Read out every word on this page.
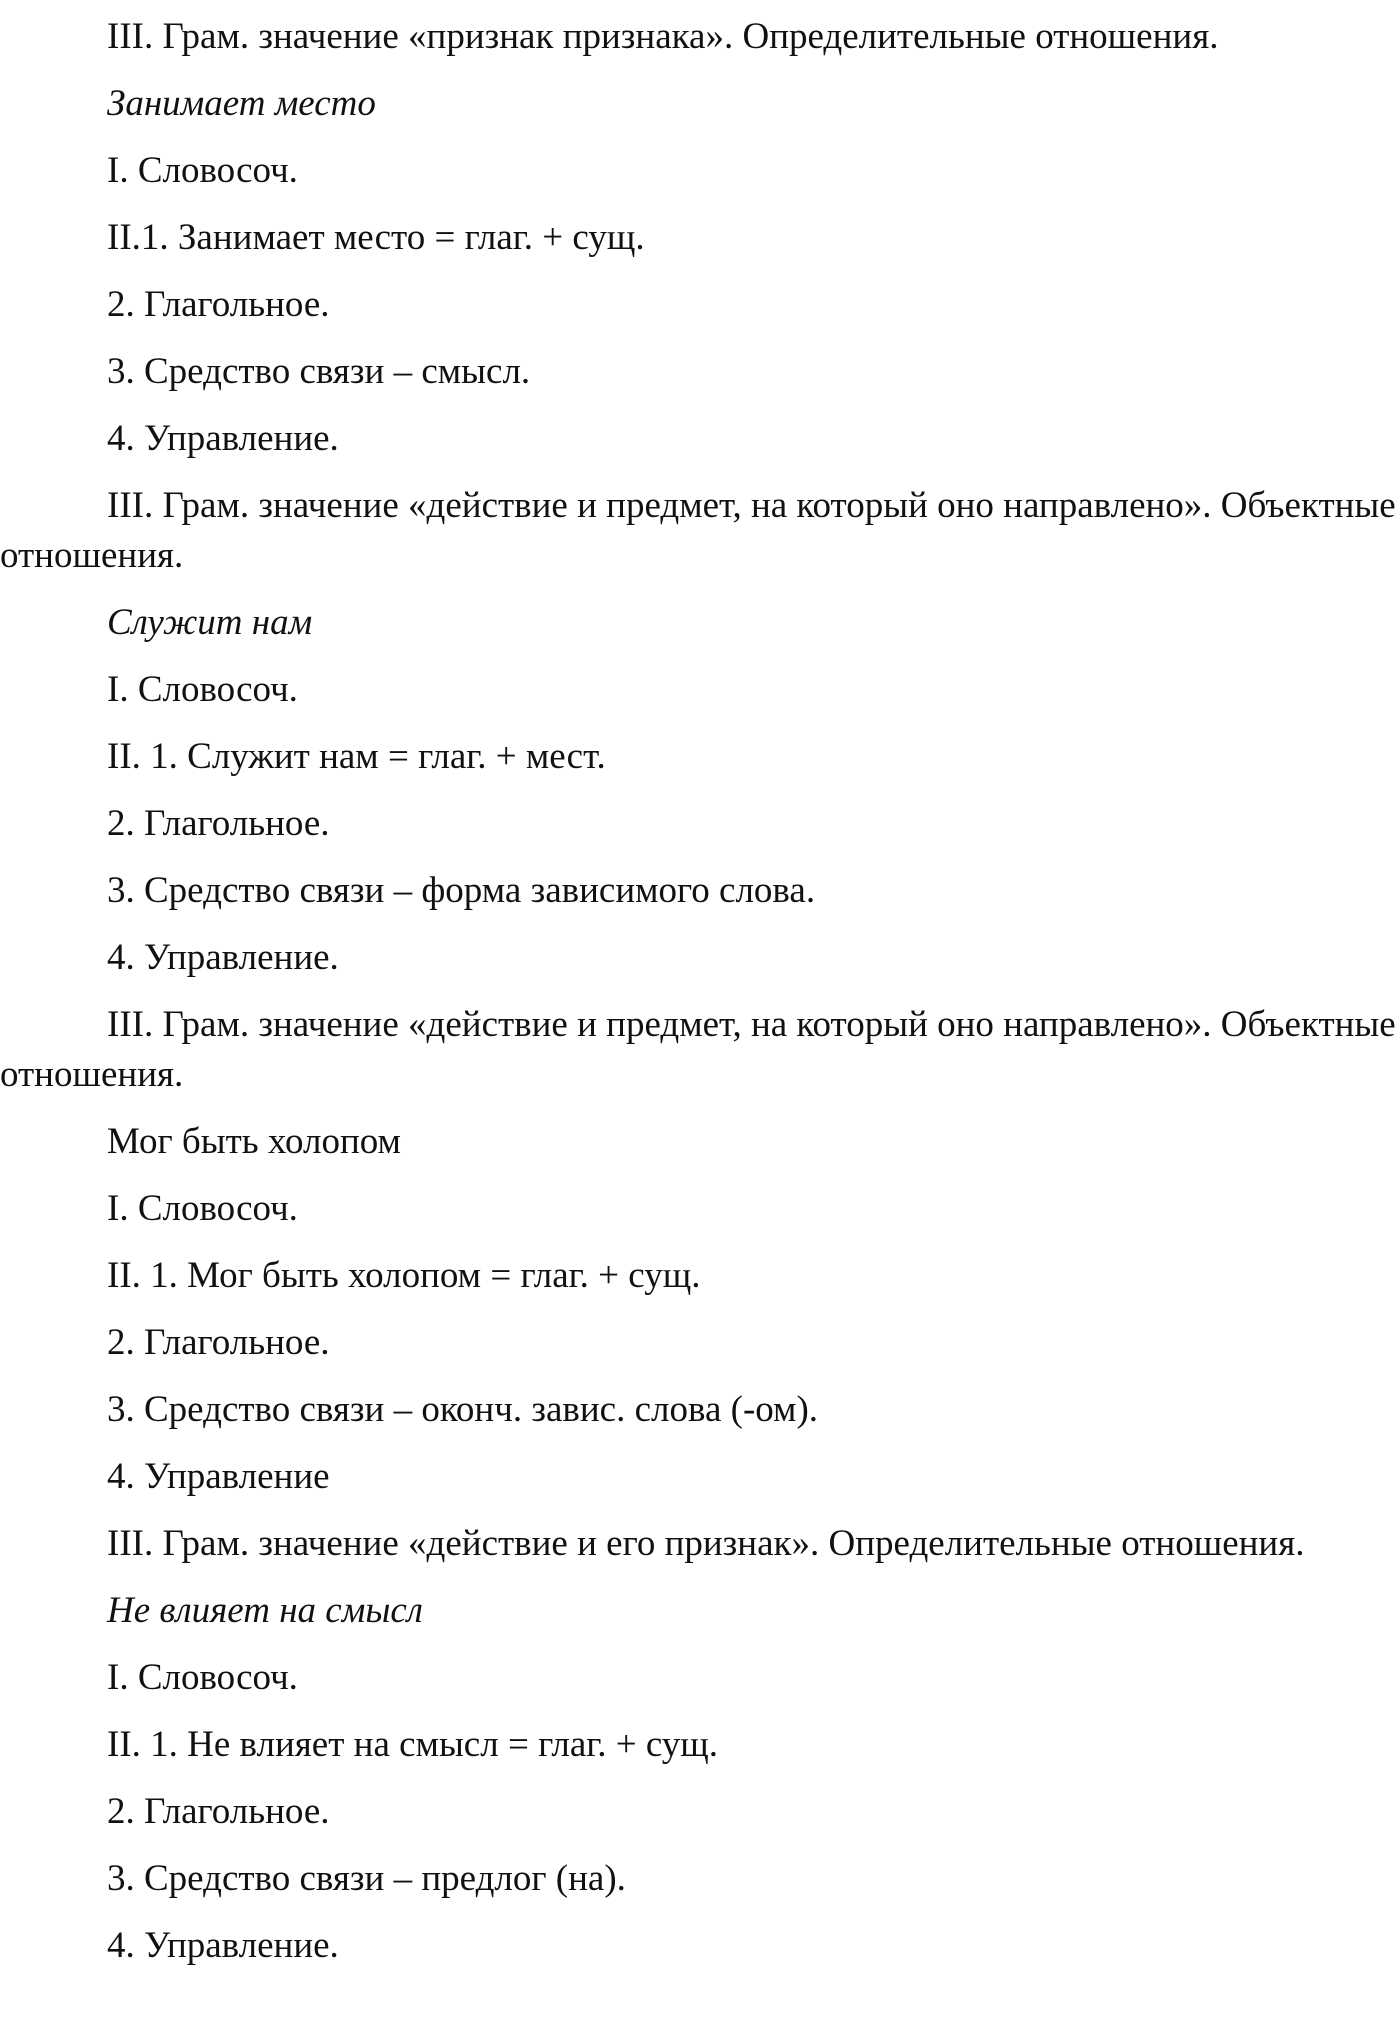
III. Грам. значение «признак признака». Определительные отношения.

Занимает место

I. Словосоч.

II.1. Занимает место = глаг. + сущ.

2. Глагольное.

3. Средство связи – смысл.

4. Управление.

III. Грам. значение «действие и предмет, на который оно направлено». Объектные отношения.

Служит нам

I. Словосоч.

II. 1. Служит нам = глаг. + мест.

2. Глагольное.

3. Средство связи – форма зависимого слова.

4. Управление.

III. Грам. значение «действие и предмет, на который оно направлено». Объектные отношения.

Мог быть холопом

I. Словосоч.

II. 1. Мог быть холопом = глаг. + сущ.

2. Глагольное.

3. Средство связи – оконч. завис. слова (-ом).

4. Управление

III. Грам. значение «действие и его признак». Определительные отношения.

Не влияет на смысл

I. Словосоч.

II. 1. Не влияет на смысл = глаг. + сущ.

2. Глагольное.

3. Средство связи – предлог (на).

4. Управление.
